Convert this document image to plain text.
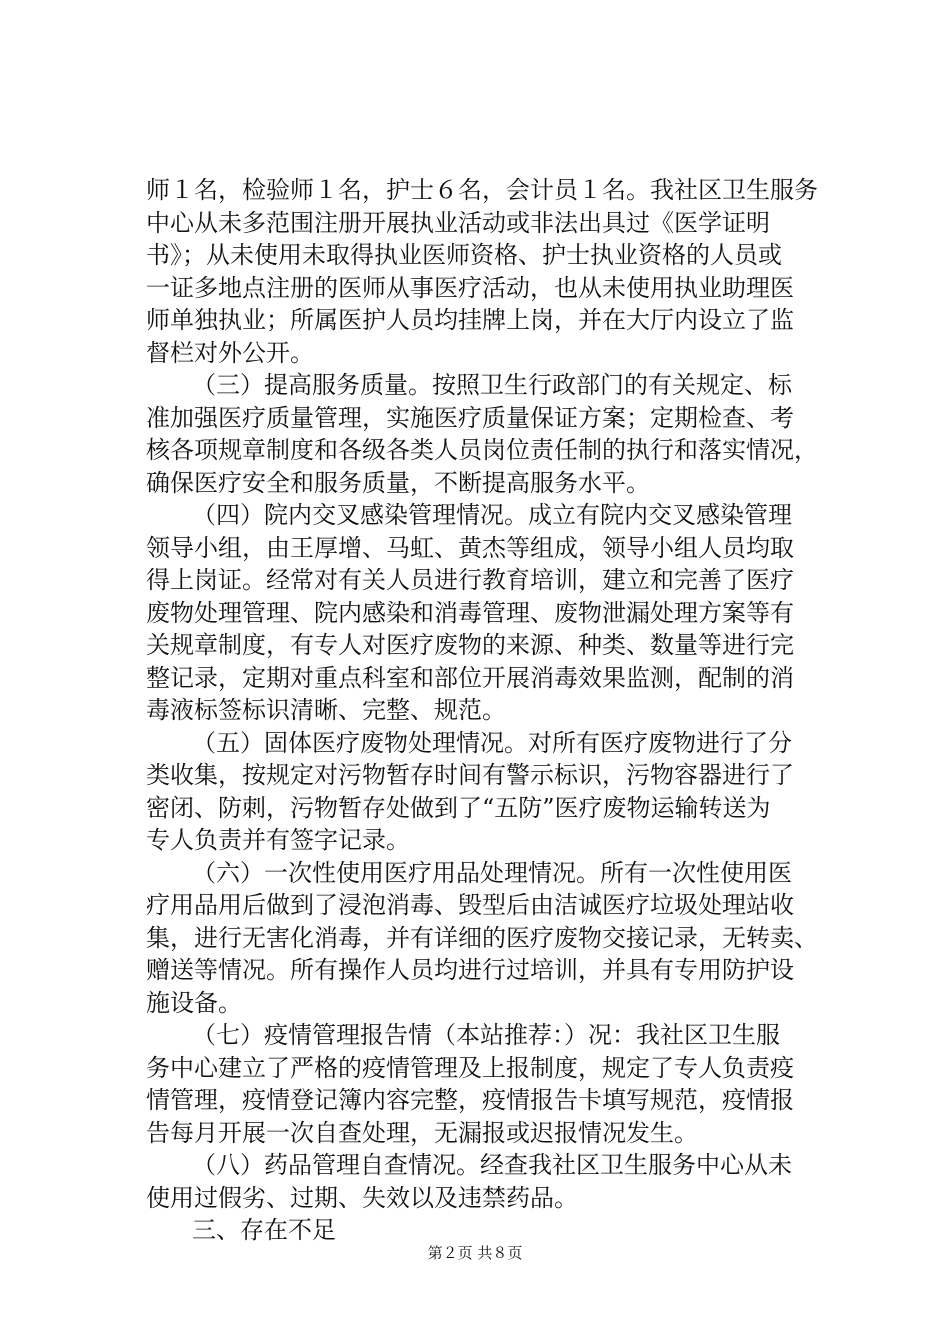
师１名，检验师１名，护士６名，会计员１名。我社区卫生服务
中心从未多范围注册开展执业活动或非法出具过《医学证明
书》；从未使用未取得执业医师资格、护士执业资格的人员或
一证多地点注册的医师从事医疗活动，也从未使用执业助理医
师单独执业；所属医护人员均挂牌上岗，并在大厅内设立了监
督栏对外公开。
（三）提高服务质量。按照卫生行政部门的有关规定、标
准加强医疗质量管理，实施医疗质量保证方案；定期检查、考
核各项规章制度和各级各类人员岗位责任制的执行和落实情况，
确保医疗安全和服务质量，不断提高服务水平。
（四）院内交叉感染管理情况。成立有院内交叉感染管理
领导小组，由王厚增、马虹、黄杰等组成，领导小组人员均取
得上岗证。经常对有关人员进行教育培训，建立和完善了医疗
废物处理管理、院内感染和消毒管理、废物泄漏处理方案等有
关规章制度，有专人对医疗废物的来源、种类、数量等进行完
整记录，定期对重点科室和部位开展消毒效果监测，配制的消
毒液标签标识清晰、完整、规范。
（五）固体医疗废物处理情况。对所有医疗废物进行了分
类收集，按规定对污物暂存时间有警示标识，污物容器进行了
密闭、防刺，污物暂存处做到了“五防”医疗废物运输转送为
专人负责并有签字记录。
（六）一次性使用医疗用品处理情况。所有一次性使用医
疗用品用后做到了浸泡消毒、毁型后由洁诚医疗垃圾处理站收
集，进行无害化消毒，并有详细的医疗废物交接记录，无转卖、
赠送等情况。所有操作人员均进行过培训，并具有专用防护设
施设备。
（七）疫情管理报告情（本站推荐：）况：我社区卫生服
务中心建立了严格的疫情管理及上报制度，规定了专人负责疫
情管理，疫情登记簿内容完整，疫情报告卡填写规范，疫情报
告每月开展一次自查处理，无漏报或迟报情况发生。
（八）药品管理自查情况。经查我社区卫生服务中心从未
使用过假劣、过期、失效以及违禁药品。
三、存在不足
第２页 共８页
